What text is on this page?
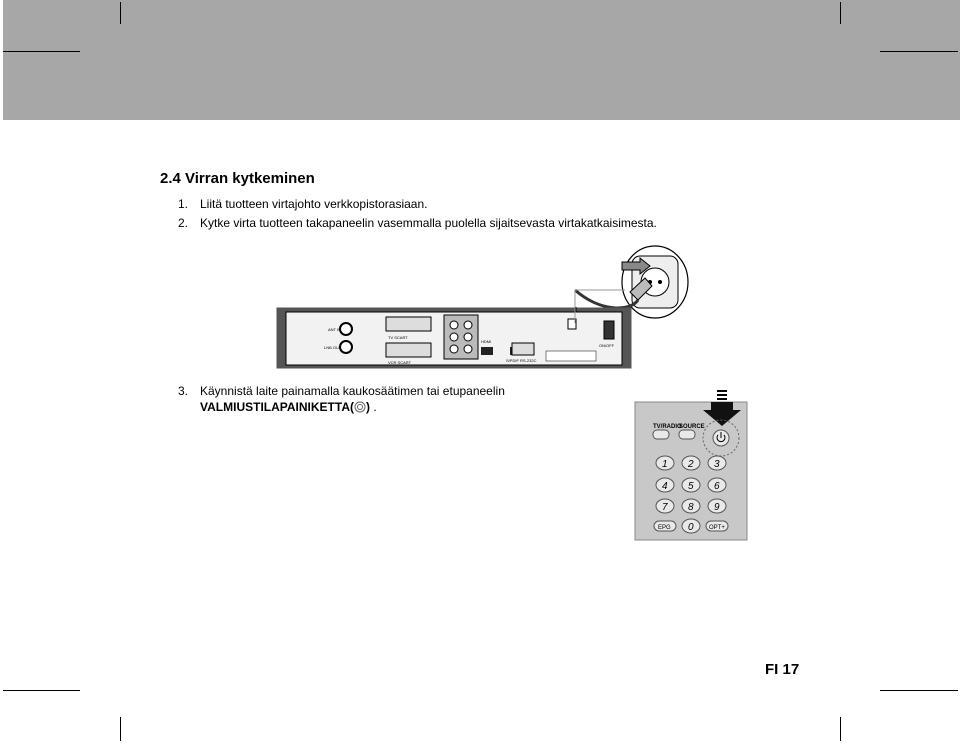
2.4 Virran kytkeminen
1. Liitä tuotteen virtajohto verkkopistorasiaan.
2. Kytke virta tuotteen takapaneelin vasemmalla puolella sijaitsevasta virtakatkaisimesta.
TV SCART
VCR SCART
HDMI
S/PDIF RS-232C
ON/OFF
ANT IN
LNB OUT
3. Käynnistä laite painamalla kaukosäätimen tai etupaneelin
VALMIUSTILAPAINIKETTA( ) .
TV/RADIO
SOURCE
1 2 3
4 5 6
7 8 9
EPG 0	OPT+
FI 17
